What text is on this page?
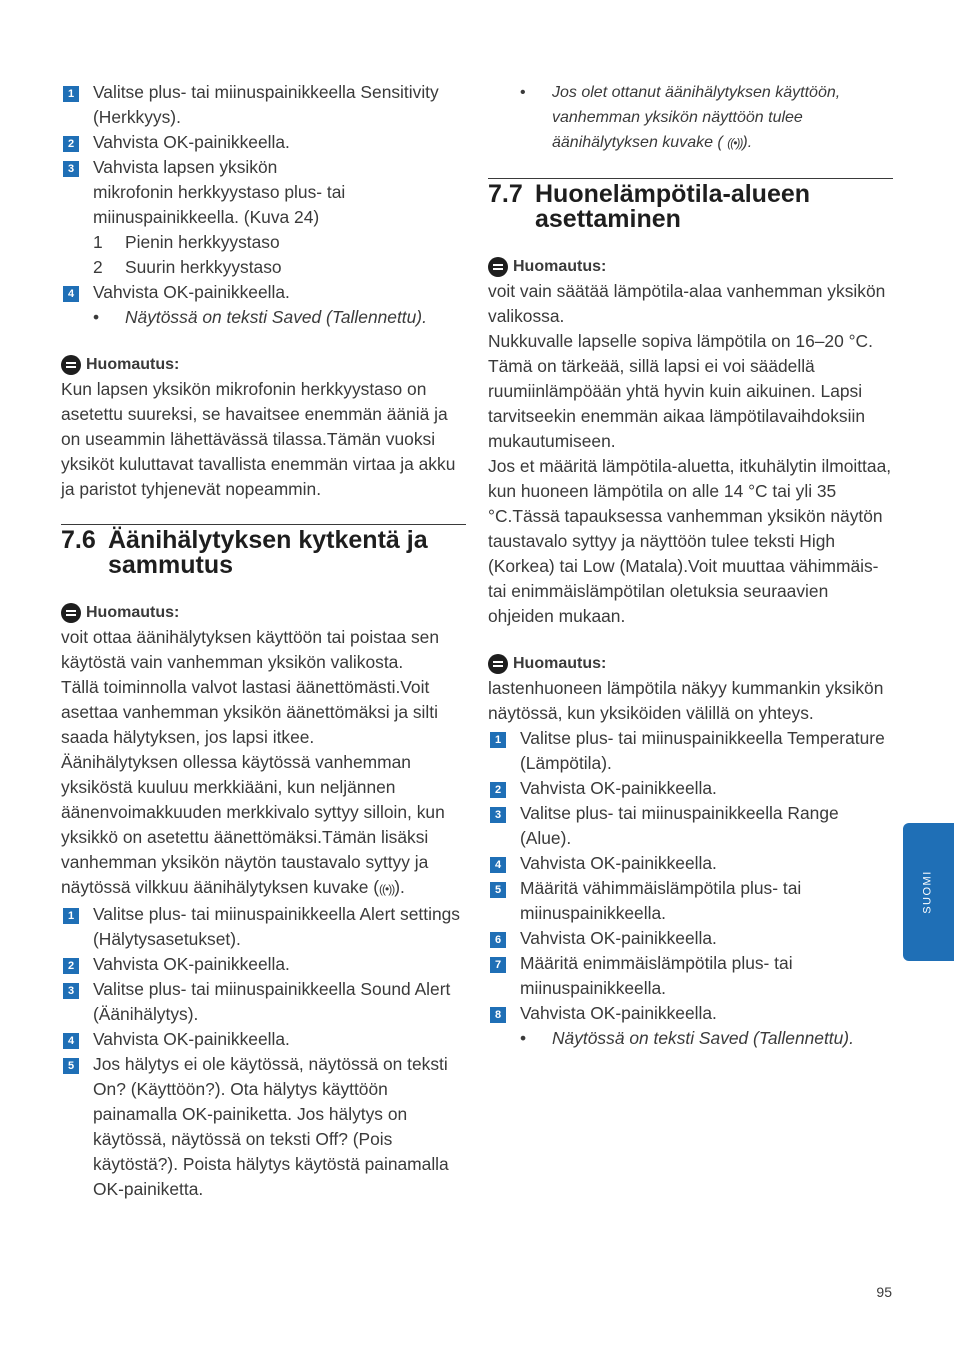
1 Valitse plus- tai miinuspainikkeella Sensitivity (Herkkyys).
2 Vahvista OK-painikkeella.
3 Vahvista lapsen yksikön mikrofonin herkkyystaso plus- tai miinuspainikkeella. (Kuva 24)
1 Pienin herkkyystaso
2 Suurin herkkyystaso
4 Vahvista OK-painikkeella.
• Näytössä on teksti Saved (Tallennettu).
Huomautus:

Kun lapsen yksikön mikrofonin herkkyystaso on asetettu suureksi, se havaitsee enemmän ääniä ja on useammin lähettävässä tilassa.Tämän vuoksi yksiköt kuluttavat tavallista enemmän virtaa ja akku ja paristot tyhjenevät nopeammin.

7.6 Äänihälytyksen kytkentä ja sammutus
Huomautus:

voit ottaa äänihälytyksen käyttöön tai poistaa sen käytöstä vain vanhemman yksikön valikosta.

Tällä toiminnolla valvot lastasi äänettömästi.Voit asettaa vanhemman yksikön äänettömäksi ja silti saada hälytyksen, jos lapsi itkee.

Äänihälytyksen ollessa käytössä vanhemman yksiköstä kuuluu merkkiääni, kun neljännen äänenvoimakkuuden merkkivalo syttyy silloin, kun yksikkö on asetettu äänettömäksi.Tämän lisäksi vanhemman yksikön näytön taustavalo syttyy ja näytössä vilkkuu äänihälytyksen kuvake (((•))).

1 Valitse plus- tai miinuspainikkeella Alert settings (Hälytysasetukset).
2 Vahvista OK-painikkeella.
3 Valitse plus- tai miinuspainikkeella Sound Alert (Äänihälytys).
4 Vahvista OK-painikkeella.
5 Jos hälytys ei ole käytössä, näytössä on teksti On? (Käyttöön?). Ota hälytys käyttöön painamalla OK-painiketta. Jos hälytys on käytössä, näytössä on teksti Off? (Pois käytöstä?). Poista hälytys käytöstä painamalla OK-painiketta.
• Jos olet ottanut äänihälytyksen käyttöön, vanhemman yksikön näyttöön tulee äänihälytyksen kuvake ( ((•))).
7.7 Huonelämpötila-alueen asettaminen
Huomautus:

voit vain säätää lämpötila-alaa vanhemman yksikön valikossa.

Nukkuvalle lapselle sopiva lämpötila on 16–20 °C. Tämä on tärkeää, sillä lapsi ei voi säädellä ruumiinlämpöään yhtä hyvin kuin aikuinen. Lapsi tarvitseekin enemmän aikaa lämpötilavaihdoksiin mukautumiseen.

Jos et määritä lämpötila-aluetta, itkuhälytin ilmoittaa, kun huoneen lämpötila on alle 14 °C tai yli 35 °C.Tässä tapauksessa vanhemman yksikön näytön taustavalo syttyy ja näyttöön tulee teksti High (Korkea) tai Low (Matala).Voit muuttaa vähimmäis- tai enimmäislämpötilan oletuksia seuraavien ohjeiden mukaan.

Huomautus:

lastenhuoneen lämpötila näkyy kummankin yksikön näytössä, kun yksiköiden välillä on yhteys.

1 Valitse plus- tai miinuspainikkeella Temperature (Lämpötila).
2 Vahvista OK-painikkeella.
3 Valitse plus- tai miinuspainikkeella Range (Alue).
4 Vahvista OK-painikkeella.
5 Määritä vähimmäislämpötila plus- tai miinuspainikkeella.
6 Vahvista OK-painikkeella.
7 Määritä enimmäislämpötila plus- tai miinuspainikkeella.
8 Vahvista OK-painikkeella.
• Näytössä on teksti Saved (Tallennettu).
SUOMI
95
